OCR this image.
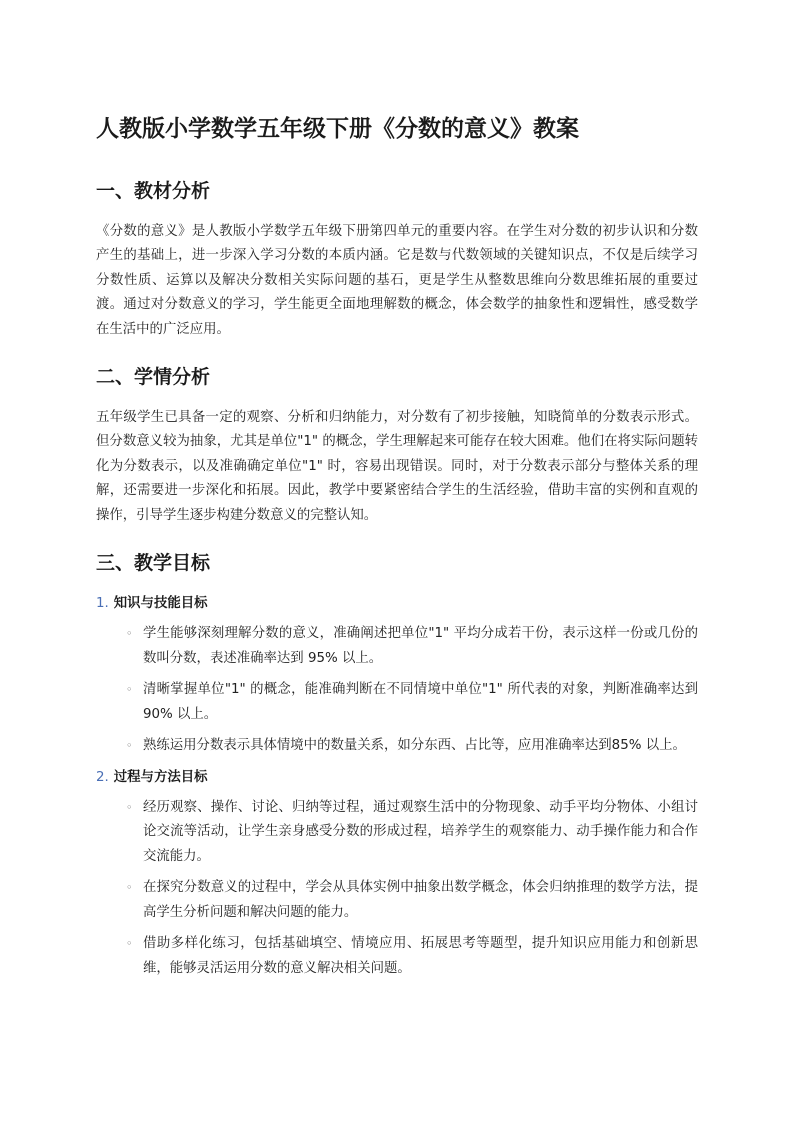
人教版小学数学五年级下册《分数的意义》教案
一、教材分析

《分数的意义》是人教版小学数学五年级下册第四单元的重要内容。在学生对分数的初步认识和分数产生的基础上，进一步深入学习分数的本质内涵。它是数与代数领域的关键知识点，不仅是后续学习分数性质、运算以及解决分数相关实际问题的基石，更是学生从整数思维向分数思维拓展的重要过渡。通过对分数意义的学习，学生能更全面地理解数的概念，体会数学的抽象性和逻辑性，感受数学在生活中的广泛应用。

二、学情分析

五年级学生已具备一定的观察、分析和归纳能力，对分数有了初步接触，知晓简单的分数表示形式。但分数意义较为抽象，尤其是单位"1" 的概念，学生理解起来可能存在较大困难。他们在将实际问题转化为分数表示，以及准确确定单位"1" 时，容易出现错误。同时，对于分数表示部分与整体关系的理解，还需要进一步深化和拓展。因此，教学中要紧密结合学生的生活经验，借助丰富的实例和直观的操作，引导学生逐步构建分数意义的完整认知。

三、教学目标
1. 知识与技能目标
◦ 学生能够深刻理解分数的意义，准确阐述把单位"1" 平均分成若干份，表示这样一份或几份的数叫分数，表述准确率达到 95% 以上。
◦ 清晰掌握单位"1" 的概念，能准确判断在不同情境中单位"1" 所代表的对象，判断准确率达到 90% 以上。
◦ 熟练运用分数表示具体情境中的数量关系，如分东西、占比等，应用准确率达到85% 以上。
2. 过程与方法目标
◦ 经历观察、操作、讨论、归纳等过程，通过观察生活中的分物现象、动手平均分物体、小组讨论交流等活动，让学生亲身感受分数的形成过程，培养学生的观察能力、动手操作能力和合作交流能力。
◦ 在探究分数意义的过程中，学会从具体实例中抽象出数学概念，体会归纳推理的数学方法，提高学生分析问题和解决问题的能力。
◦ 借助多样化练习，包括基础填空、情境应用、拓展思考等题型，提升知识应用能力和创新思维，能够灵活运用分数的意义解决相关问题。
